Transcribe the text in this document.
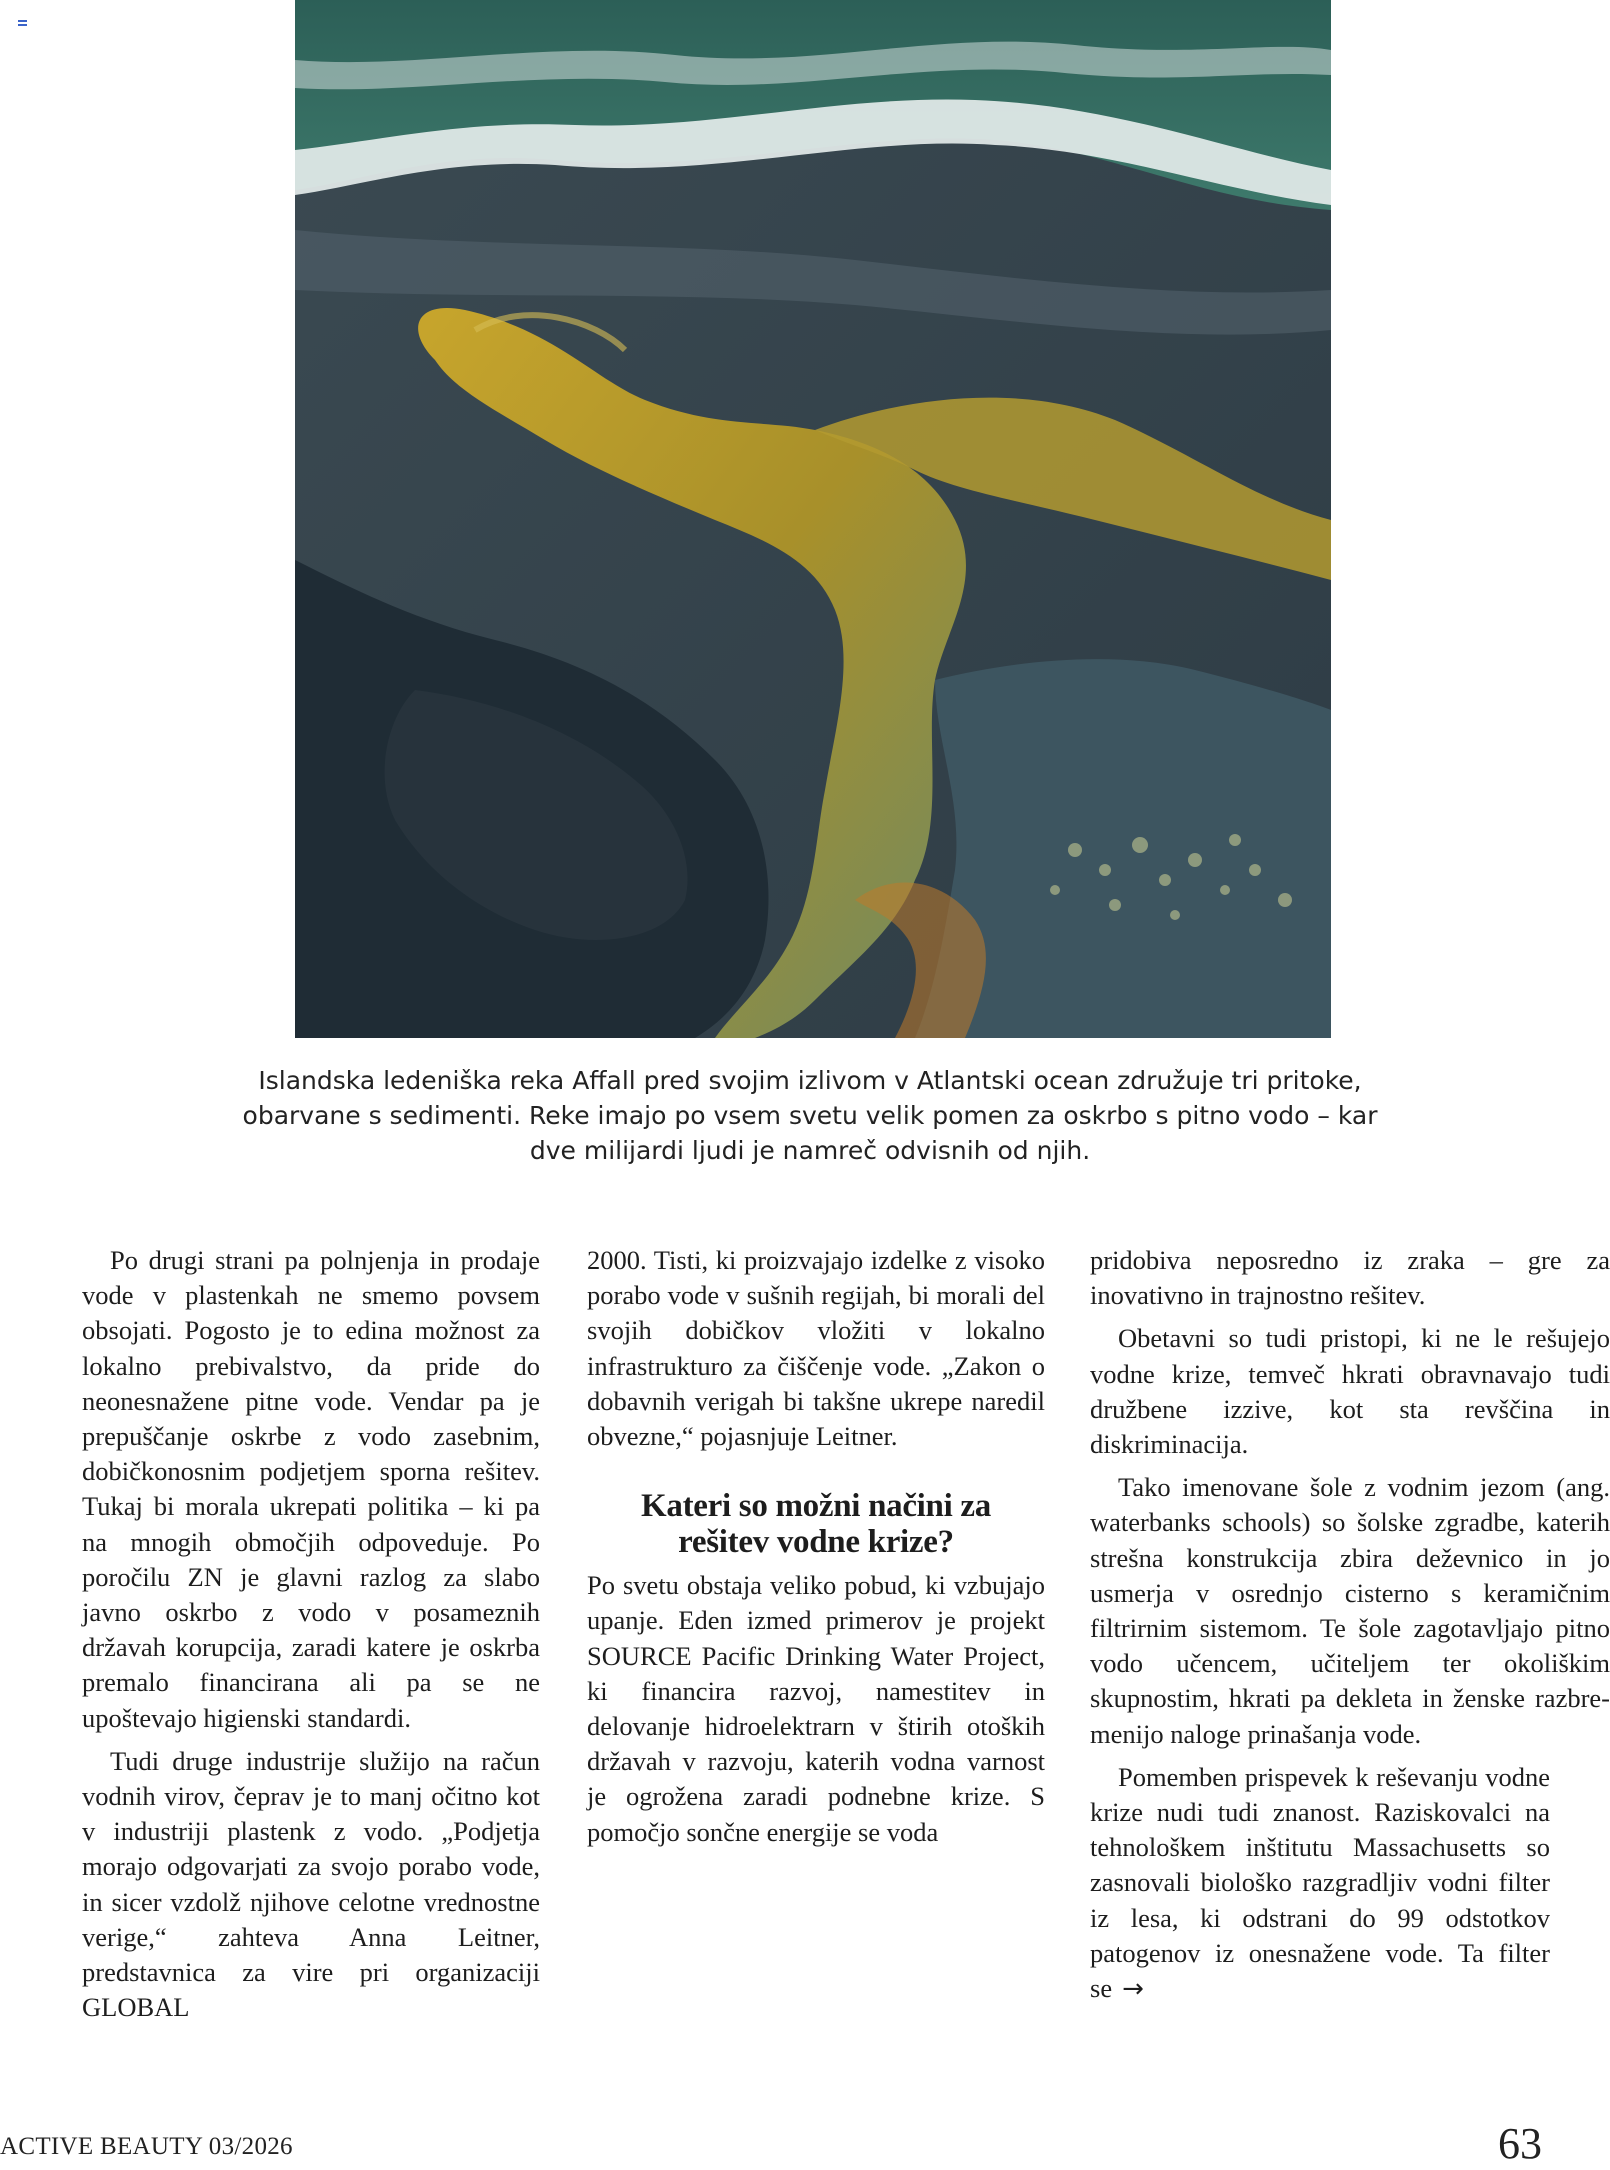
Islandska ledeniška reka Affall pred svojim izlivom v Atlantski ocean združuje tri pritoke,
obarvane s sedimenti. Reke imajo po vsem svetu velik pomen za oskrbo s pitno vodo – kar
dve milijardi ljudi je namreč odvisnih od njih.

Po drugi strani pa polnjenja in prodaje vode v plastenkah ne smemo povsem obsojati. Pogosto je to edina možnost za lokalno prebivalstvo, da pride do neonesnažene pitne vode. Vendar pa je prepuščanje oskrbe z vodo zasebnim, dobičkonosnim podjetjem sporna rešitev. Tukaj bi morala ukrepati politika – ki pa na mnogih območjih odpoveduje. Po poročilu ZN je glavni razlog za slabo javno oskrbo z vodo v posameznih državah korupcija, zaradi katere je oskrba premalo financirana ali pa se ne upoštevajo higienski standardi.

Tudi druge industrije služijo na račun vodnih virov, čeprav je to manj očitno kot v industriji plastenk z vodo. „Podjetja morajo odgovarjati za svojo porabo vode, in sicer vzdolž njihove celotne vrednostne verige,“ zahteva Anna Leitner, predstavnica za vire pri organizaciji GLOBAL

2000. Tisti, ki proizvajajo izdelke z visoko porabo vode v sušnih regijah, bi morali del svojih dobičkov vložiti v lokalno infrastrukturo za čiščenje vode. „Zakon o dobavnih verigah bi takšne ukrepe naredil obvezne,“ pojasnjuje Leitner.

Kateri so možni načini za
rešitev vodne krize?

Po svetu obstaja veliko pobud, ki vzbujajo upanje. Eden izmed primerov je projekt SOURCE Pacific Drinking Water Project, ki financira razvoj, namestitev in delovanje hidroelektrarn v štirih otoških državah v razvoju, katerih vodna varnost je ogrožena zaradi podnebne krize. S pomočjo sončne energije se voda

pridobiva neposredno iz zraka – gre za inovativno in trajnostno rešitev.

Obetavni so tudi pristopi, ki ne le rešujejo vodne krize, temveč hkrati obravnavajo tudi družbene izzive, kot sta revščina in diskriminacija.

Tako imenovane šole z vodnim jezom (ang. waterbanks schools) so šolske zgradbe, katerih strešna konstrukcija zbira deževnico in jo usmerja v osrednjo cisterno s keramičnim filtrirnim sistemom. Te šole zagotavljajo pitno vodo učencem, učiteljem ter okoliškim skupnostim, hkrati pa dekleta in ženske razbremenijo naloge prinašanja vode.

Pomemben prispevek k reševanju vodne krize nudi tudi znanost. Raziskovalci na tehnološkem inštitutu Massachusetts so zasnovali biološko razgradljiv vodni filter iz lesa, ki odstrani do 99 odstotkov patogenov iz onesnažene vode. Ta filter se →

ACTIVE BEAUTY 03/2026	63
